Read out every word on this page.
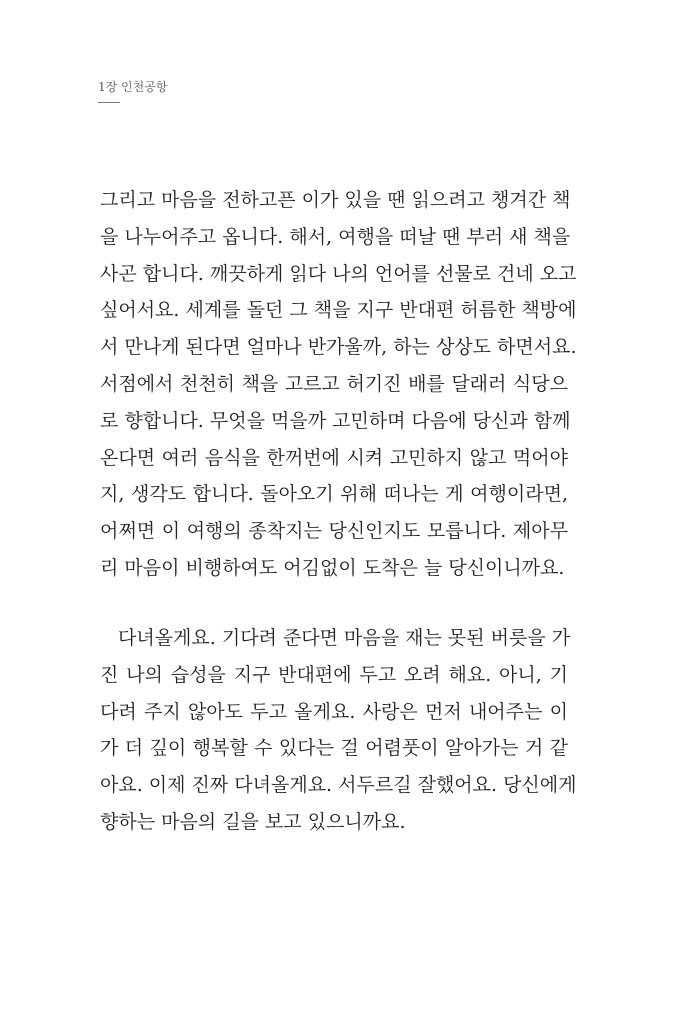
1장 인천공항
그리고 마음을 전하고픈 이가 있을 땐 읽으려고 챙겨간 책
을 나누어주고 옵니다. 해서, 여행을 떠날 땐 부러 새 책을
사곤 합니다. 깨끗하게 읽다 나의 언어를 선물로 건네 오고
싶어서요. 세계를 돌던 그 책을 지구 반대편 허름한 책방에
서 만나게 된다면 얼마나 반가울까, 하는 상상도 하면서요.
서점에서 천천히 책을 고르고 허기진 배를 달래러 식당으
로 향합니다. 무엇을 먹을까 고민하며 다음에 당신과 함께
온다면 여러 음식을 한꺼번에 시켜 고민하지 않고 먹어야
지, 생각도 합니다. 돌아오기 위해 떠나는 게 여행이라면,
어쩌면 이 여행의 종착지는 당신인지도 모릅니다. 제아무
리 마음이 비행하여도 어김없이 도착은 늘 당신이니까요.
다녀올게요. 기다려 준다면 마음을 재는 못된 버릇을 가
진 나의 습성을 지구 반대편에 두고 오려 해요. 아니, 기
다려 주지 않아도 두고 올게요. 사랑은 먼저 내어주는 이
가 더 깊이 행복할 수 있다는 걸 어렴풋이 알아가는 거 같
아요. 이제 진짜 다녀올게요. 서두르길 잘했어요. 당신에게
향하는 마음의 길을 보고 있으니까요.
